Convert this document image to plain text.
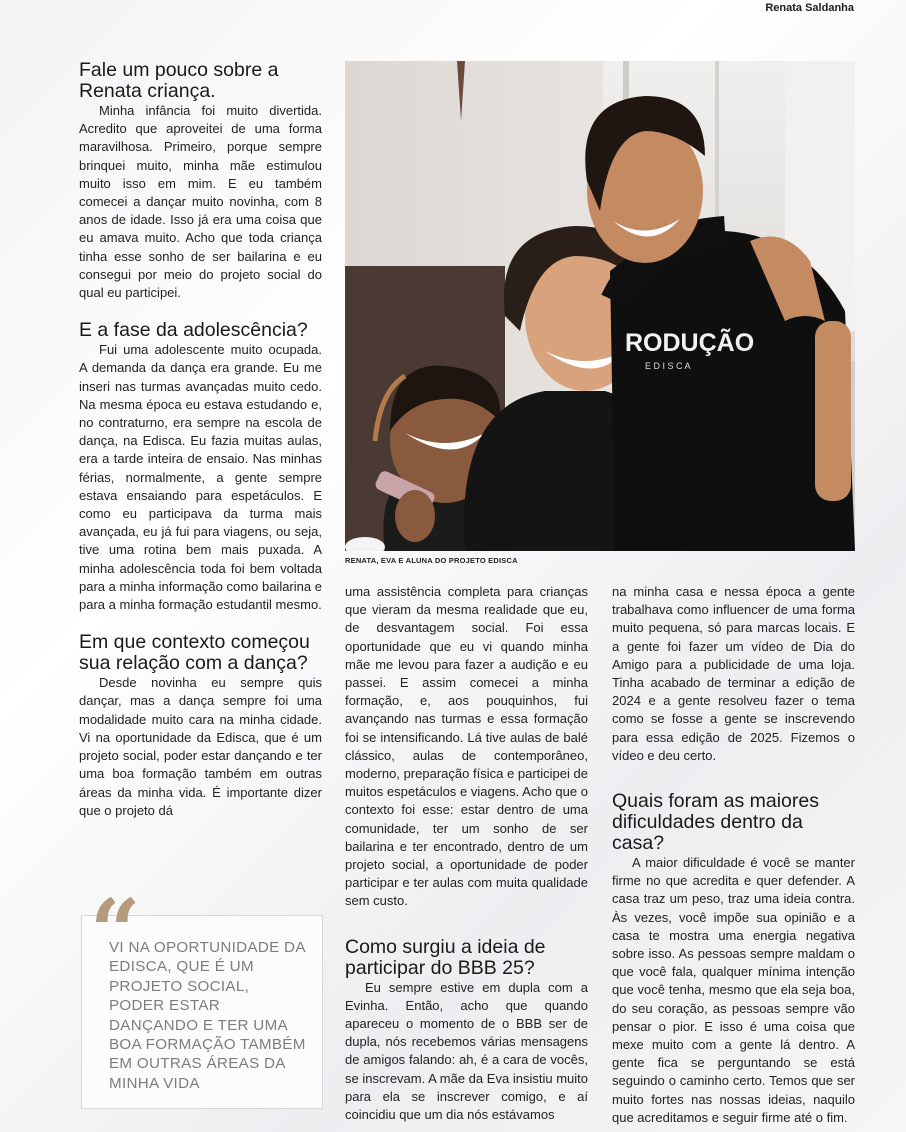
Renata Saldanha
Fale um pouco sobre a Renata criança.

Minha infância foi muito divertida. Acredito que aproveitei de uma forma maravilhosa. Primeiro, porque sempre brinquei muito, minha mãe estimulou muito isso em mim. E eu também comecei a dançar muito novinha, com 8 anos de idade. Isso já era uma coisa que eu amava muito. Acho que toda criança tinha esse sonho de ser bailarina e eu consegui por meio do projeto social do qual eu participei.

E a fase da adolescência?

Fui uma adolescente muito ocupada. A demanda da dança era grande. Eu me inseri nas turmas avançadas muito cedo. Na mesma época eu estava estudando e, no contraturno, era sempre na escola de dança, na Edisca. Eu fazia muitas aulas, era a tarde inteira de ensaio. Nas minhas férias, normalmente, a gente sempre estava ensaiando para espetáculos. E como eu participava da turma mais avançada, eu já fui para viagens, ou seja, tive uma rotina bem mais puxada. A minha adolescência toda foi bem voltada para a minha informação como bailarina e para a minha formação estudantil mesmo.

Em que contexto começou sua relação com a dança?

Desde novinha eu sempre quis dançar, mas a dança sempre foi uma modalidade muito cara na minha cidade. Vi na oportunidade da Edisca, que é um projeto social, poder estar dançando e ter uma boa formação também em outras áreas da minha vida. É importante dizer que o projeto dá

RODUÇÃO
E D I S C A
RENATA, EVA E ALUNA DO PROJETO EDISCA

uma assistência completa para crianças que vieram da mesma realidade que eu, de desvantagem social. Foi essa oportunidade que eu vi quando minha mãe me levou para fazer a audição e eu passei. E assim comecei a minha formação, e, aos pouquinhos, fui avançando nas turmas e essa formação foi se intensificando. Lá tive aulas de balé clássico, aulas de contemporâneo, moderno, preparação física e participei de muitos espetáculos e viagens. Acho que o contexto foi esse: estar dentro de uma comunidade, ter um sonho de ser bailarina e ter encontrado, dentro de um projeto social, a oportunidade de poder participar e ter aulas com muita qualidade sem custo.

Como surgiu a ideia de participar do BBB 25?

Eu sempre estive em dupla com a Evinha. Então, acho que quando apareceu o momento de o BBB ser de dupla, nós recebemos várias mensagens de amigos falando: ah, é a cara de vocês, se inscrevam. A mãe da Eva insistiu muito para ela se inscrever comigo, e aí coincidiu que um dia nós estávamos

na minha casa e nessa época a gente trabalhava como influencer de uma forma muito pequena, só para marcas locais. E a gente foi fazer um vídeo de Dia do Amigo para a publicidade de uma loja. Tinha acabado de terminar a edição de 2024 e a gente resolveu fazer o tema como se fosse a gente se inscrevendo para essa edição de 2025. Fizemos o vídeo e deu certo.

Quais foram as maiores dificuldades dentro da casa?

A maior dificuldade é você se manter firme no que acredita e quer defender. A casa traz um peso, traz uma ideia contra. Às vezes, você impõe sua opinião e a casa te mostra uma energia negativa sobre isso. As pessoas sempre maldam o que você fala, qualquer mínima intenção que você tenha, mesmo que ela seja boa, do seu coração, as pessoas sempre vão pensar o pior. E isso é uma coisa que mexe muito com a gente lá dentro. A gente fica se perguntando se está seguindo o caminho certo. Temos que ser muito fortes nas nossas ideias, naquilo que acreditamos e seguir firme até o fim.

“
VI NA OPORTUNIDADE DA EDISCA, QUE É UM PROJETO SOCIAL, PODER ESTAR DANÇANDO E TER UMA BOA FORMAÇÃO TAMBÉM EM OUTRAS ÁREAS DA MINHA VIDA
